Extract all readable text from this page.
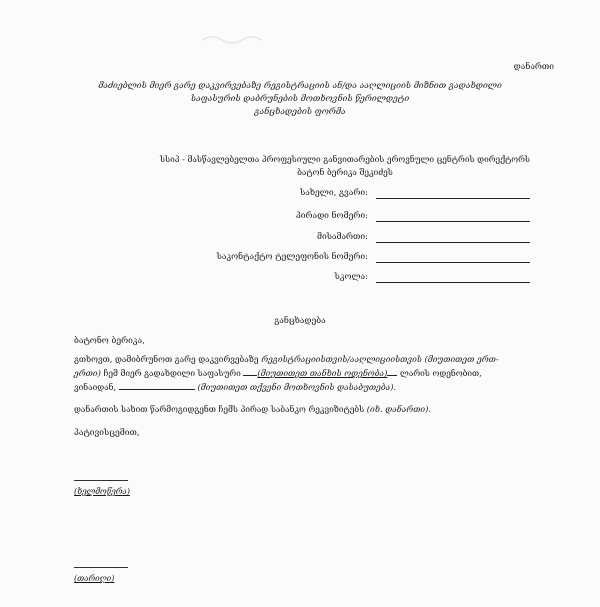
დანართი
მაძიებლის მიერ გარე დაკვირვებაზე რეგისტრაციის ან/და ააღლიციის მიზნით გადახდილი
საფასურის დაბრუნების მოთხოვნის წერილდეტი
განცხადების ფორმა
სსიპ - მასწავლებელთა პროფესიული განვითარების ეროვნული ცენტრის დირექტორს
ბატონ ბერიკა შეკიძეს
სახელი, გვარი:
პირადი ნომერი:
მისამართი:
საკონტაქტო ტელეფონის ნომერი:
სკოლა:
განცხადება
ბატონო ბერიკა,
გთხოვთ, დამიბრუნოთ გარე დაკვირვებაზე რეგისტრაციისთვის/ააღლიციისთვის (მიუთითეთ ერთ-
ერთი) ჩემ მიერ გადახდილი საფასური (მიუთითეთ თანხის ოდენობა) ლარის ოდენობით,
ვინაიდან,	(მიუთითეთ თქვენი მოთხოვნის დასაბუთება).
დანართის სახით წარმოგიდგენთ ჩემს პირად საბანკო რეკვიზიტებს (იხ. დანართი).
პატივისცემით,
(ხელმოწერა)
(თარიღი)
